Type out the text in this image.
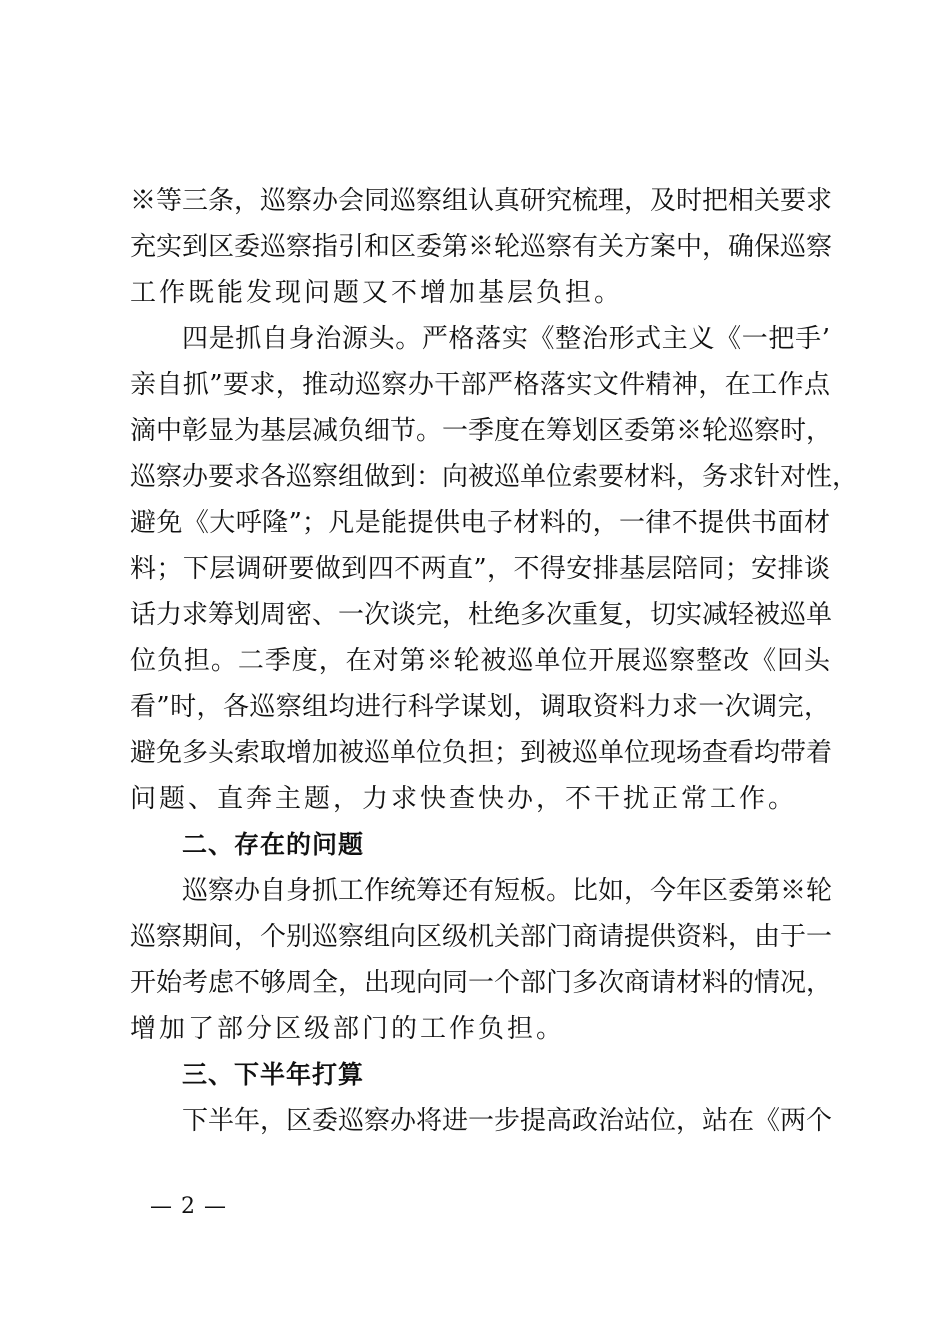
※等三条，巡察办会同巡察组认真研究梳理，及时把相关要求
充实到区委巡察指引和区委第※轮巡察有关方案中，确保巡察
工作既能发现问题又不增加基层负担。
四是抓自身治源头。严格落实《整治形式主义《一把手’
亲自抓”要求，推动巡察办干部严格落实文件精神，在工作点
滴中彰显为基层减负细节。一季度在筹划区委第※轮巡察时，
巡察办要求各巡察组做到：向被巡单位索要材料，务求针对性，
避免《大呼隆”；凡是能提供电子材料的，一律不提供书面材
料；下层调研要做到四不两直”，不得安排基层陪同；安排谈
话力求筹划周密、一次谈完，杜绝多次重复，切实减轻被巡单
位负担。二季度，在对第※轮被巡单位开展巡察整改《回头
看”时，各巡察组均进行科学谋划，调取资料力求一次调完，
避免多头索取增加被巡单位负担；到被巡单位现场查看均带着
问题、直奔主题，力求快查快办，不干扰正常工作。
二、存在的问题
巡察办自身抓工作统筹还有短板。比如，今年区委第※轮
巡察期间，个别巡察组向区级机关部门商请提供资料，由于一
开始考虑不够周全，出现向同一个部门多次商请材料的情况，
增加了部分区级部门的工作负担。
三、下半年打算
下半年，区委巡察办将进一步提高政治站位，站在《两个
— 2 —
